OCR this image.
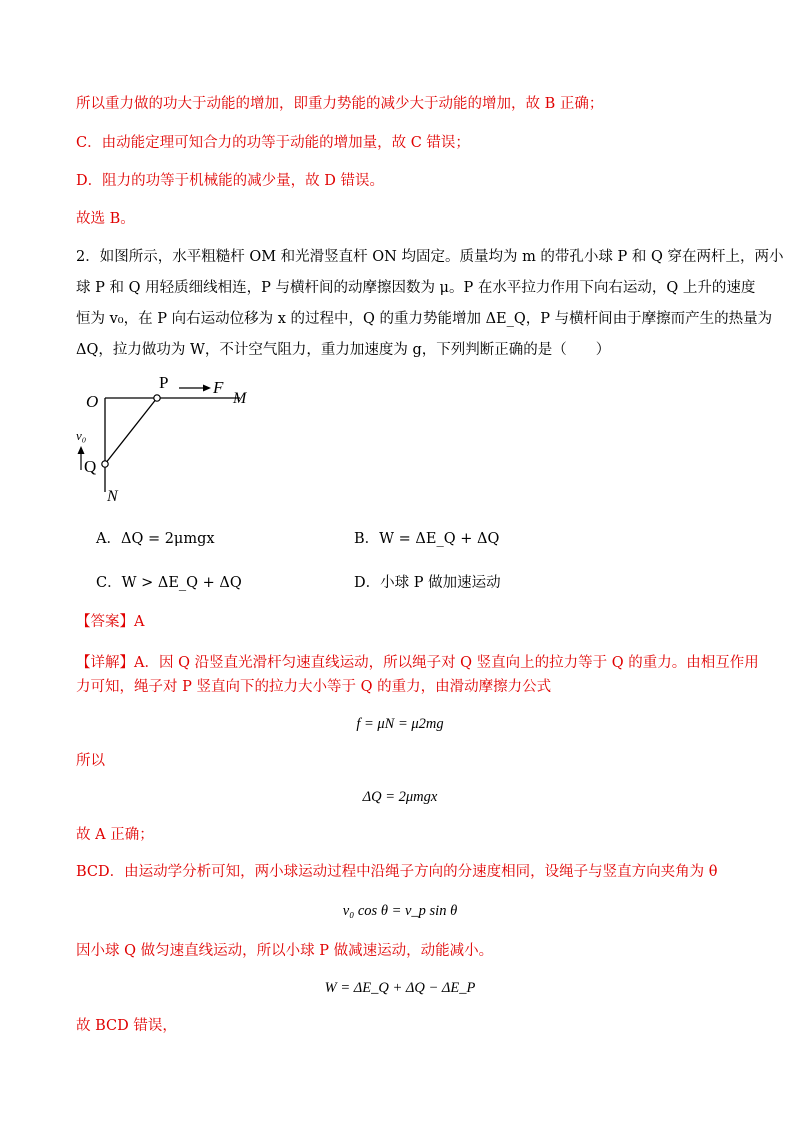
所以重力做的功大于动能的增加，即重力势能的减少大于动能的增加，故 B 正确；
C．由动能定理可知合力的功等于动能的增加量，故 C 错误；
D．阻力的功等于机械能的减少量，故 D 错误。
故选 B。
2．如图所示，水平粗糙杆 OM 和光滑竖直杆 ON 均固定。质量均为 m 的带孔小球 P 和 Q 穿在两杆上，两小
球 P 和 Q 用轻质细线相连，P 与横杆间的动摩擦因数为 μ。P 在水平拉力作用下向右运动，Q 上升的速度
恒为 v₀，在 P 向右运动位移为 x 的过程中，Q 的重力势能增加 ΔE_Q，P 与横杆间由于摩擦而产生的热量为
ΔQ，拉力做功为 W，不计空气阻力，重力加速度为 g，下列判断正确的是（　　）
O
P	F
M
v₀
Q
N
A．ΔQ = 2μmgx	B．W = ΔE_Q + ΔQ
C．W > ΔE_Q + ΔQ	D．小球 P 做加速运动
【答案】A
【详解】A．因 Q 沿竖直光滑杆匀速直线运动，所以绳子对 Q 竖直向上的拉力等于 Q 的重力。由相互作用
力可知，绳子对 P 竖直向下的拉力大小等于 Q 的重力，由滑动摩擦力公式
f = μN = μ2mg
所以
ΔQ = 2μmgx
故 A 正确；
BCD．由运动学分析可知，两小球运动过程中沿绳子方向的分速度相同，设绳子与竖直方向夹角为 θ
v₀ cos θ = v_p sin θ
因小球 Q 做匀速直线运动，所以小球 P 做减速运动，动能减小。
W = ΔE_Q + ΔQ − ΔE_P
故 BCD 错误，
